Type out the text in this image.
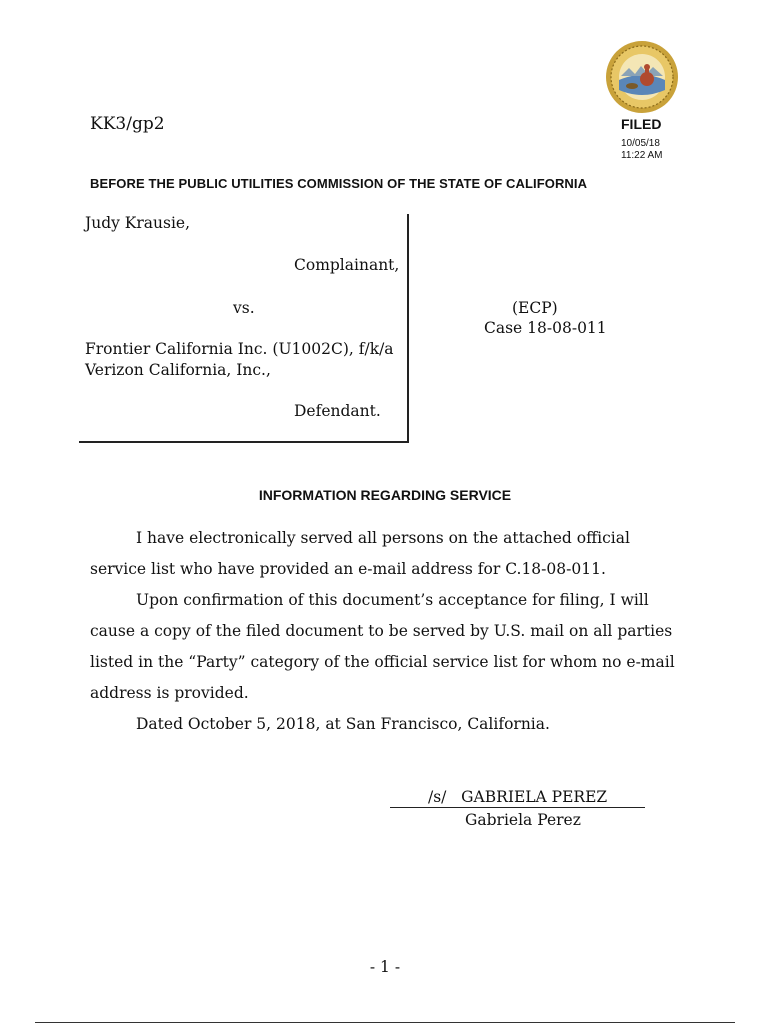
KK3/gp2	FILED
10/05/18
11:22 AM
BEFORE THE PUBLIC UTILITIES COMMISSION OF THE STATE OF CALIFORNIA
Judy Krausie,
Complainant,
vs.
Frontier California Inc. (U1002C), f/k/a
Verizon California, Inc.,
Defendant.
(ECP)
Case 18-08-011
INFORMATION REGARDING SERVICE
I have electronically served all persons on the attached official service list who have provided an e-mail address for C.18-08-011.
Upon confirmation of this document’s acceptance for filing, I will cause a copy of the filed document to be served by U.S. mail on all parties listed in the “Party” category of the official service list for whom no e-mail address is provided.
Dated October 5, 2018, at San Francisco, California.
/s/   GABRIELA PEREZ
Gabriela Perez
- 1 -
